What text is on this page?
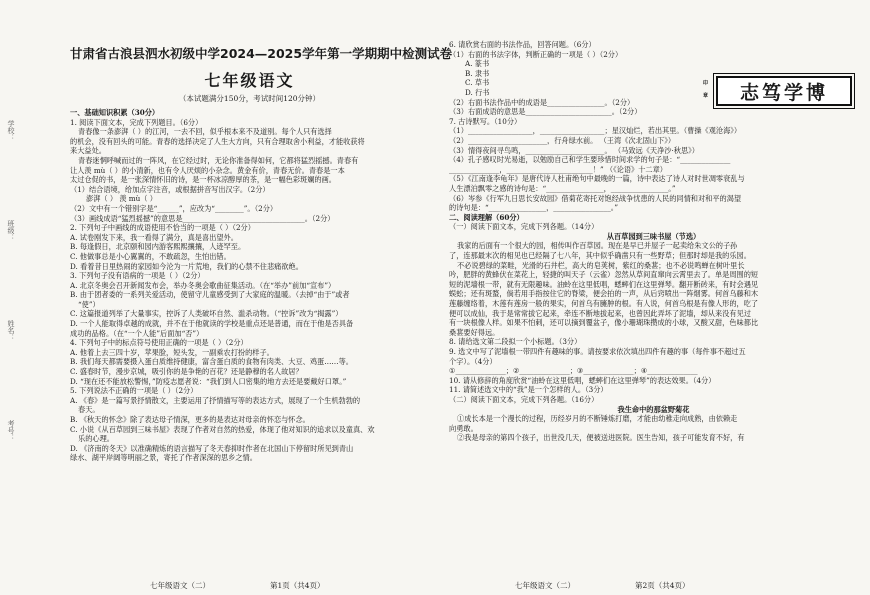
学校：
班级：
姓名：
考号：
甘肃省古浪县泗水初级中学2024—2025学年第一学期期中检测试卷
七年级语文
（本试题满分150分，考试时间120分钟）
一、基础知识积累（30分）
1. 阅读下面文本，完成下列题目。（6分）
青春像一条澎湃（ ）的江河，一去不回，似乎根本来不及道别。每个人只有选择
的机会，没有回头的可能。青春的选择决定了人生大方向，只有合理取舍小利益，才能收获将
来大益处。
青春迷惘呼喊而过的一阵风，在它经过时，无论你准备得如何，它都将猛烈摇撼。青春有
让人羡 mù（ ）的小清新，也有令人厌烦的小杂念。黄金有价，青春无价。青春是一本
太过仓促的书，是一张深情怀旧的诗，是一杯冰凉醇厚的茶，是一幅色彩斑斓的画。
（1）结合语境，给加点字注音，或根据拼音写出汉字。（2分）
澎湃（ ） 羡 mù（ ）
（2）文中有一个错别字是“______”，应改为“________”。（2分）
（3）画线成语“猛烈摇撼”的意思是__________________________________。（2分）
2. 下列句子中画线的成语使用不恰当的一项是（ ）（2分）
A. 试卷刚发下来，我一看得了满分，真是喜出望外。
B. 每逢假日，北京颐和园内游客熙熙攘攘，人迹罕至。
C. 他做事总是小心翼翼的，不敢疏忽，生怕出错。
D. 看着昔日里热闹的家园如今沦为一片荒地，我们的心禁不住悲痛欲绝。
3. 下列句子没有语病的一项是（ ）（2分）
A. 北京冬奥会召开新闻发布会，举办冬奥会歌曲征集活动。（在“举办”前加“宣布”）
B. 由于团者委的一系列关爱活动，使留守儿童感受到了大家庭的温暖。（去掉“由于”或者
“使”）
C. 这篇报道列举了大量事实，控诉了人类破坏自然、滥杀动物。（“控诉”改为“揭露”）
D. 一个人能取得卓越的成就，并不在于他就读的学校是重点还是普通，而在于他是否具备
成功的品格。（在“一个人能”后面加“否”）
4. 下列句子中的标点符号使用正确的一项是（ ）（2分）
A. 他着上去三四十岁，苹果脸，短头发，一副乘农打扮的样子。
B. 我们每天都需要摄入蛋白质维持健康，富含蛋白质的食物有肉类、大豆、鸡蛋……等。
C. 盛春时节，漫步京城，吸引你的是争艳的百花？还是静穆的名人故居？
D. “现在还不能放松警惕，”防疫志愿者说：“我们到人口密集的地方去还是要戴好口罩。”
5. 下列说法不正确的一项是（ ）（2分）
A. 《春》是一篇写景抒情散文，主要运用了抒情描写等的表达方式，展现了一个生机勃勃的
春天。
B. 《秋天的怀念》除了表达母子情深，更多的是表达对母亲的怀恋与怀念。
C. 小说《从百草园到三味书屋》表现了作者对自然的热爱，体现了他对知识的追求以及童真、欢
乐的心理。
D. 《济南的冬天》以准确精炼的语言描写了冬天春抑时作者在北国山下停留时所见到青山
绿水、湖平岸阔等明丽之景，寄托了作者深深的思乡之情。
七年级语文（二）	第1页（共4页）
印 章 志笃学博
6. 请欣赏右面的书法作品，回答问题。（6分）
（1）右面的书法字体，判断正确的一项是（ ）（2分）
A. 篆书
B. 隶书
C. 草书
D. 行书
（2）右面书法作品中的成语是________________。（2分）
（3）右面成语的意思是________________________。（2分）
7. 古诗默写。（10分）
（1）__________________，__________________；星汉灿烂，若出其里。（曹操《观沧海》）
（2）______________________，行舟绿水前。 （王湾《次北固山下》）
（3）情得夜间寻鸟鸣，______________________。 （马致远《天净沙·秋思》）
（4）孔子感叹时光易逝，以勉励自己和学生要珍惜时间求学的句子是：“______________
______________，________________________！” （《论语》十二章）
（5）《江南逢李龟年》是唐代诗人杜甫绝句中最晚的一篇，诗中表达了诗人对时世凋零衰乱与
人生漂泊飘零之感的诗句是：“________________，________________。”
（6）岑参《行军九日思长安故园》借菊花寄托对饱经战争忧患的人民的同情和对和平的渴望
的诗句是：“________________，________________。”
二、阅读理解（60分）
（一）阅读下面文本，完成下列各题。（14分）
从百草园到三味书屋（节选）
我家的后面有一个很大的园，相传叫作百草园。现在是早已并屋子一起卖给朱文公的子孙
了，连那最末次的相见也已经隔了七八年，其中似乎确凿只有一些野草；但那时却是我的乐园。
不必说碧绿的菜畦，光滑的石井栏，高大的皂荚树，紫红的桑葚；也不必说鸣蝉在树叶里长
吟，肥胖的黄蜂伏在菜花上，轻捷的叫天子（云雀）忽然从草间直窜向云霄里去了。单是周围的短
短的泥墙根一带，就有无限趣味。油蛉在这里低唱，蟋蟀们在这里弹琴。翻开断砖来，有时会遇见
蜈蚣；还有斑蝥，倘若用手指按住它的脊梁，便会拍的一声，从后窍喷出一阵烟雾。何首乌藤和木
莲藤缠络着，木莲有莲房一般的果实，何首乌有臃肿的根。有人说，何首乌根是有像人形的，吃了
便可以成仙，我于是常常拔它起来，牵连不断地拔起来，也曾因此弄坏了泥墙，却从来没有见过
有一块根像人样。如果不怕刺，还可以摘到覆盆子，像小珊瑚珠攒成的小球，又酸又甜，色味都比
桑葚要好得远。
8. 请给选文第二段拟一个小标题。（3分）
9. 选文中写了泥墙根一带四件有趣味的事。请按要求依次填出四件有趣的事（每件事不超过五
个字）。（4分）
①______________；②______________；③______________；④______________
10. 请从修辞的角度欣赏“油蛉在这里低唱，蟋蟀们在这里弹琴”的表达效果。（4分）
11. 请简述选文中的“我”是一个怎样的人。（3分）
（二）阅读下面文本，完成下列各题。（16分）
我生命中的那盆野菊花
①成长本是一个漫长的过程，历经岁月的不断锤炼打磨，才能由幼稚走向成熟，由依赖走
向勇敢。
②我是母亲的第四个孩子，出世没几天，便被送进医院。医生告知，孩子可能发育不好，有
七年级语文（二）	第2页（共4页）
